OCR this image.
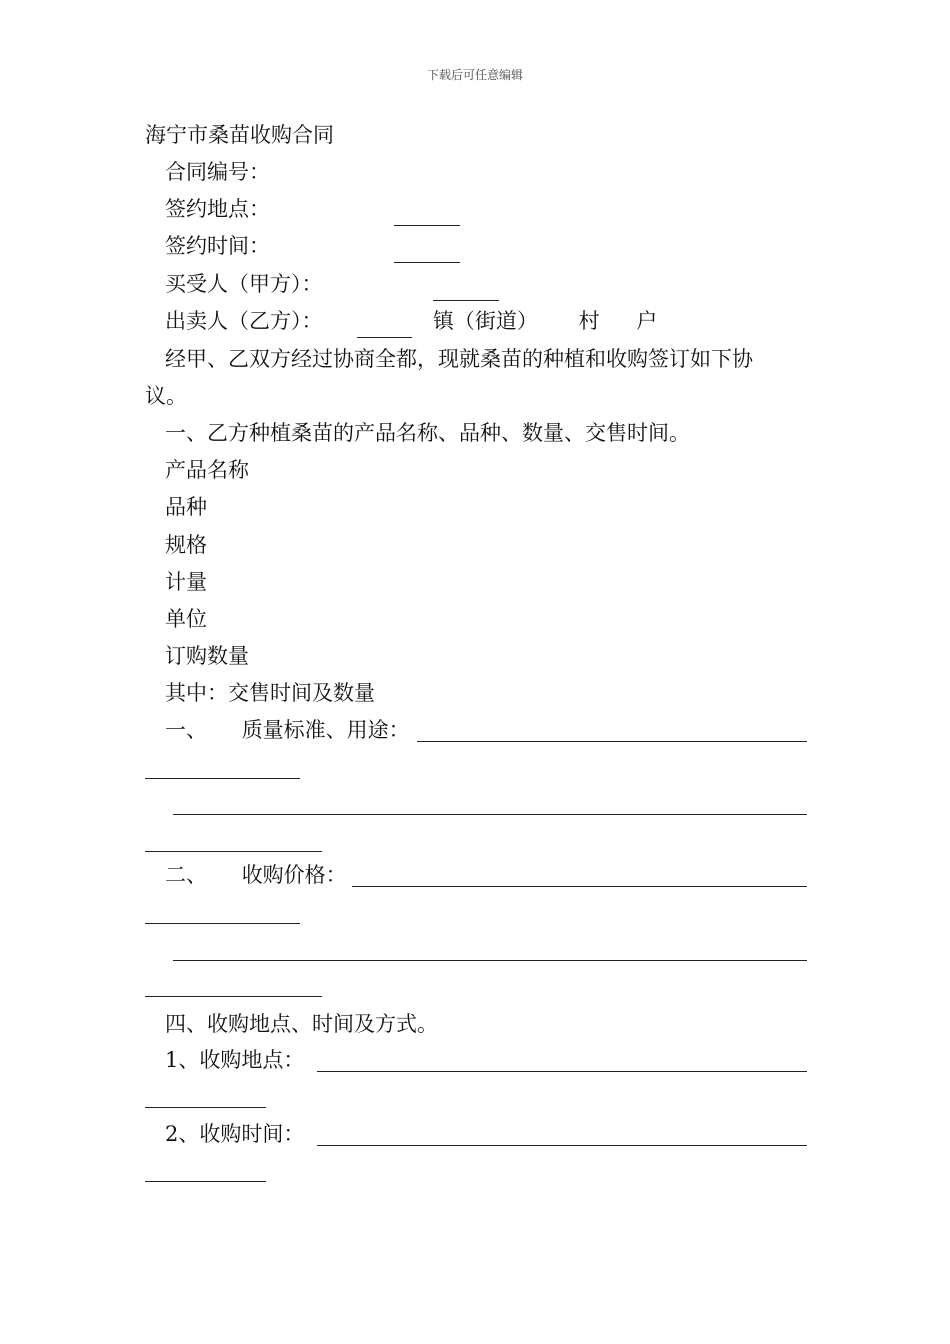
下载后可任意编辑
海宁市桑苗收购合同
合同编号：
签约地点：
签约时间：
买受人（甲方）：
出卖人（乙方）：	镇（街道） 村 户
经甲、乙双方经过协商全都，现就桑苗的种植和收购签订如下协
议。
一、乙方种植桑苗的产品名称、品种、数量、交售时间。
产品名称
品种
规格
计量
单位
订购数量
其中：交售时间及数量
一、 质量标准、用途：
二、 收购价格：
四、收购地点、时间及方式。
1、收购地点：
2、收购时间：
